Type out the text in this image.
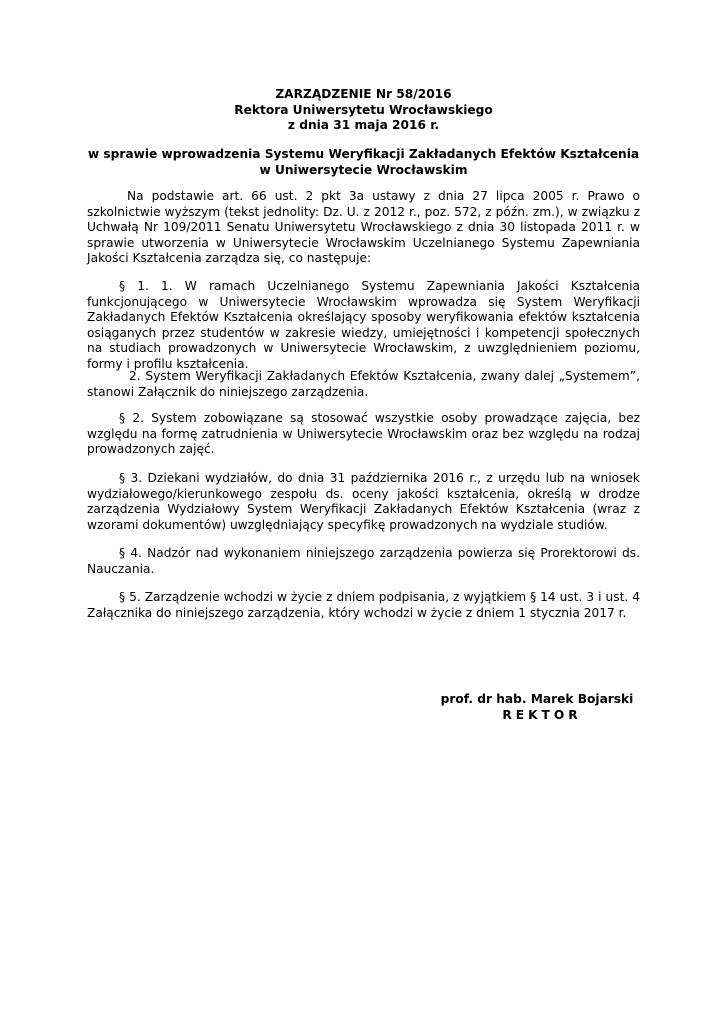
ZARZĄDZENIE Nr 58/2016
Rektora Uniwersytetu Wrocławskiego
z dnia 31 maja 2016 r.
w sprawie wprowadzenia Systemu Weryfikacji Zakładanych Efektów Kształcenia
w Uniwersytecie Wrocławskim

Na podstawie art. 66 ust. 2 pkt 3a ustawy z dnia 27 lipca 2005 r. Prawo o szkolnictwie wyższym (tekst jednolity: Dz. U. z 2012 r., poz. 572, z późn. zm.), w związku z Uchwałą Nr 109/2011 Senatu Uniwersytetu Wrocławskiego z dnia 30 listopada 2011 r. w sprawie utworzenia w Uniwersytecie Wrocławskim Uczelnianego Systemu Zapewniania Jakości Kształcenia zarządza się, co następuje:

§ 1. 1. W ramach Uczelnianego Systemu Zapewniania Jakości Kształcenia funkcjonującego w Uniwersytecie Wrocławskim wprowadza się System Weryfikacji Zakładanych Efektów Kształcenia określający sposoby weryfikowania efektów kształcenia osiąganych przez studentów w zakresie wiedzy, umiejętności i kompetencji społecznych na studiach prowadzonych w Uniwersytecie Wrocławskim, z uwzględnieniem poziomu, formy i profilu kształcenia.

2. System Weryfikacji Zakładanych Efektów Kształcenia, zwany dalej „Systemem”, stanowi Załącznik do niniejszego zarządzenia.

§ 2. System zobowiązane są stosować wszystkie osoby prowadzące zajęcia, bez względu na formę zatrudnienia w Uniwersytecie Wrocławskim oraz bez względu na rodzaj prowadzonych zajęć.

§ 3. Dziekani wydziałów, do dnia 31 października 2016 r., z urzędu lub na wniosek wydziałowego/kierunkowego zespołu ds. oceny jakości kształcenia, określą w drodze zarządzenia Wydziałowy System Weryfikacji Zakładanych Efektów Kształcenia (wraz z wzorami dokumentów) uwzględniający specyfikę prowadzonych na wydziale studiów.

§ 4. Nadzór nad wykonaniem niniejszego zarządzenia powierza się Prorektorowi ds. Nauczania.

§ 5. Zarządzenie wchodzi w życie z dniem podpisania, z wyjątkiem § 14 ust. 3 i ust. 4 Załącznika do niniejszego zarządzenia, który wchodzi w życie z dniem 1 stycznia 2017 r.

prof. dr hab. Marek Bojarski
REKTOR
